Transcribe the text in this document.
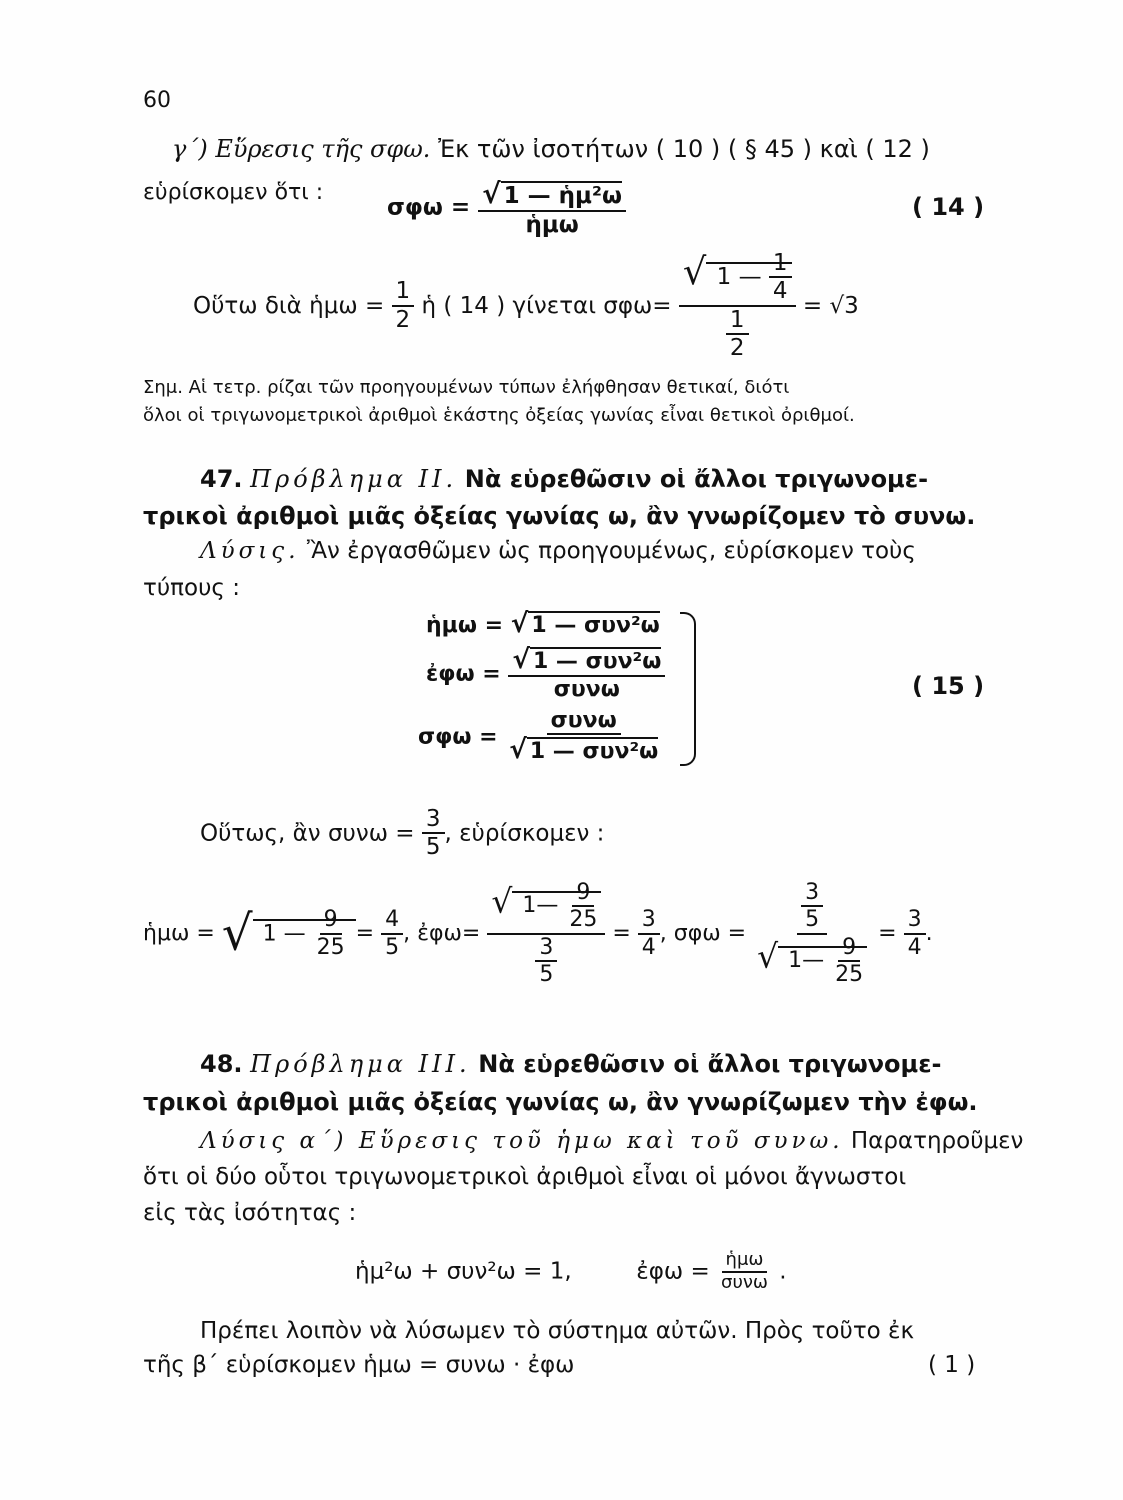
60
γ΄) Εὕρεσις τῆς σφω. Ἐκ τῶν ἰσοτήτων ( 10 ) ( § 45 ) καὶ ( 12 )
εὑρίσκομεν ὅτι :
$\sigma\varphi\omega = \frac{\text{√ 1 — ἡμ²ω}}{\text{ἡμω}}$	( 14 )
Οὕτω διὰ ἡμω = $\frac{1}{2}$ ἡ ( 14 ) γίνεται $\sigma\varphi\omega= \frac{√ 1 — \frac{1}{4}}{\frac{1}{2}} = √3$
Σημ. Αἱ τετρ. ρίζαι τῶν προηγουμένων τύπων ἐλήφθησαν θετικαί, διότι
ὅλοι οἱ τριγωνομετρικοὶ ἀριθμοὶ ἑκάστης ὀξείας γωνίας εἶναι θετικοὶ ὀριθμοί.
47. Πρόβλημα ΙΙ. Νὰ εὑρεθῶσιν οἱ ἄλλοι τριγωνομε-
τρικοὶ ἀριθμοὶ μιᾶς ὀξείας γωνίας ω, ἂν γνωρίζομεν τὸ συνω.
Λύσις. Ἂν ἐργασθῶμεν ὡς προηγουμένως, εὑρίσκομεν τοὺς
τύπους :
ἡμω = √ 1 — συν²ω
ἐφω = $\frac{\text{√ 1 — συν²ω}}{\text{συνω}}$
$\sigma\varphi\omega = \frac{\text{συνω}}{\text{√ 1 — συν²ω}}$
( 15 )
Οὕτως, ἂν $\sigma\upsilon\nu\omega = \frac{3}{5}$ , εὑρίσκομεν :
ἡμω = √ 1 — $\frac{9}{25} = \frac{4}{5}$ , ἐφω= $\frac{√ 1— \frac{9}{25}}{\frac{3}{5}} = \frac{3}{4}$ , $\sigma\varphi\omega = \frac{\frac{3}{5}}{√ 1— \frac{9}{25}} = \frac{3}{4}$ .
48. Πρόβλημα ΙΙΙ. Νὰ εὑρεθῶσιν οἱ ἄλλοι τριγωνομε-
τρικοὶ ἀριθμοὶ μιᾶς ὀξείας γωνίας ω, ἂν γνωρίζωμεν τὴν ἐφω.
Λύσις α΄) Εὕρεσις τοῦ ἡμω καὶ τοῦ συνω. Παρατηροῦμεν
ὅτι οἱ δύο οὗτοι τριγωνομετρικοὶ ἀριθμοὶ εἶναι οἱ μόνοι ἄγνωστοι
εἰς τὰς ἰσότητας :
ἡμ²ω + συν²ω = 1,	ἐφω = $\frac{\text{ἡμω}}{\text{συνω}}$ .
Πρέπει λοιπὸν νὰ λύσωμεν τὸ σύστημα αὐτῶν. Πρὸς τοῦτο ἐκ
τῆς β΄ εὑρίσκομεν ἡμω = συνω · ἐφω	( 1 )
